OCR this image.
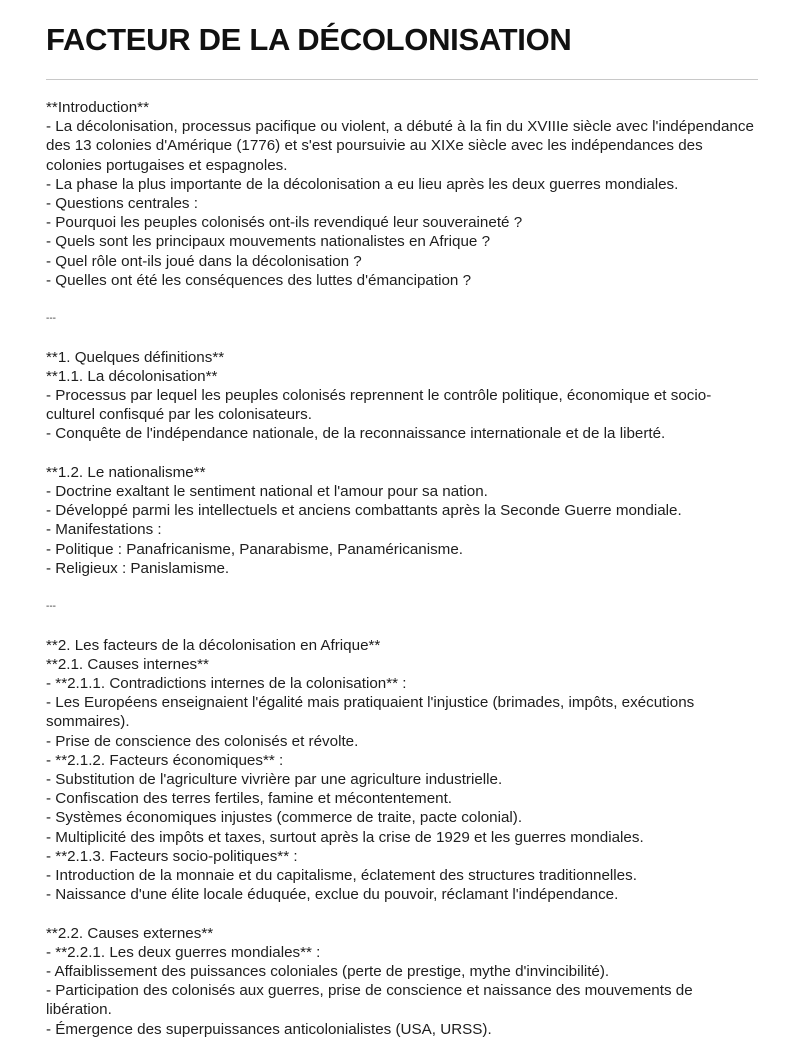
FACTEUR DE LA DÉCOLONISATION
**Introduction**
- La décolonisation, processus pacifique ou violent, a débuté à la fin du XVIIIe siècle avec l'indépendance des 13 colonies d'Amérique (1776) et s'est poursuivie au XIXe siècle avec les indépendances des colonies portugaises et espagnoles.
- La phase la plus importante de la décolonisation a eu lieu après les deux guerres mondiales.
- Questions centrales :
- Pourquoi les peuples colonisés ont-ils revendiqué leur souveraineté ?
- Quels sont les principaux mouvements nationalistes en Afrique ?
- Quel rôle ont-ils joué dans la décolonisation ?
- Quelles ont été les conséquences des luttes d'émancipation ?
---
**1. Quelques définitions**
**1.1. La décolonisation**
- Processus par lequel les peuples colonisés reprennent le contrôle politique, économique et socio-culturel confisqué par les colonisateurs.
- Conquête de l'indépendance nationale, de la reconnaissance internationale et de la liberté.
**1.2. Le nationalisme**
- Doctrine exaltant le sentiment national et l'amour pour sa nation.
- Développé parmi les intellectuels et anciens combattants après la Seconde Guerre mondiale.
- Manifestations :
- Politique : Panafricanisme, Panarabisme, Panaméricanisme.
- Religieux : Panislamisme.
---
**2. Les facteurs de la décolonisation en Afrique**
**2.1. Causes internes**
- **2.1.1. Contradictions internes de la colonisation** :
- Les Européens enseignaient l'égalité mais pratiquaient l'injustice (brimades, impôts, exécutions sommaires).
- Prise de conscience des colonisés et révolte.
- **2.1.2. Facteurs économiques** :
- Substitution de l'agriculture vivrière par une agriculture industrielle.
- Confiscation des terres fertiles, famine et mécontentement.
- Systèmes économiques injustes (commerce de traite, pacte colonial).
- Multiplicité des impôts et taxes, surtout après la crise de 1929 et les guerres mondiales.
- **2.1.3. Facteurs socio-politiques** :
- Introduction de la monnaie et du capitalisme, éclatement des structures traditionnelles.
- Naissance d'une élite locale éduquée, exclue du pouvoir, réclamant l'indépendance.
**2.2. Causes externes**
- **2.2.1. Les deux guerres mondiales** :
- Affaiblissement des puissances coloniales (perte de prestige, mythe d'invincibilité).
- Participation des colonisés aux guerres, prise de conscience et naissance des mouvements de libération.
- Émergence des superpuissances anticolonialistes (USA, URSS).
